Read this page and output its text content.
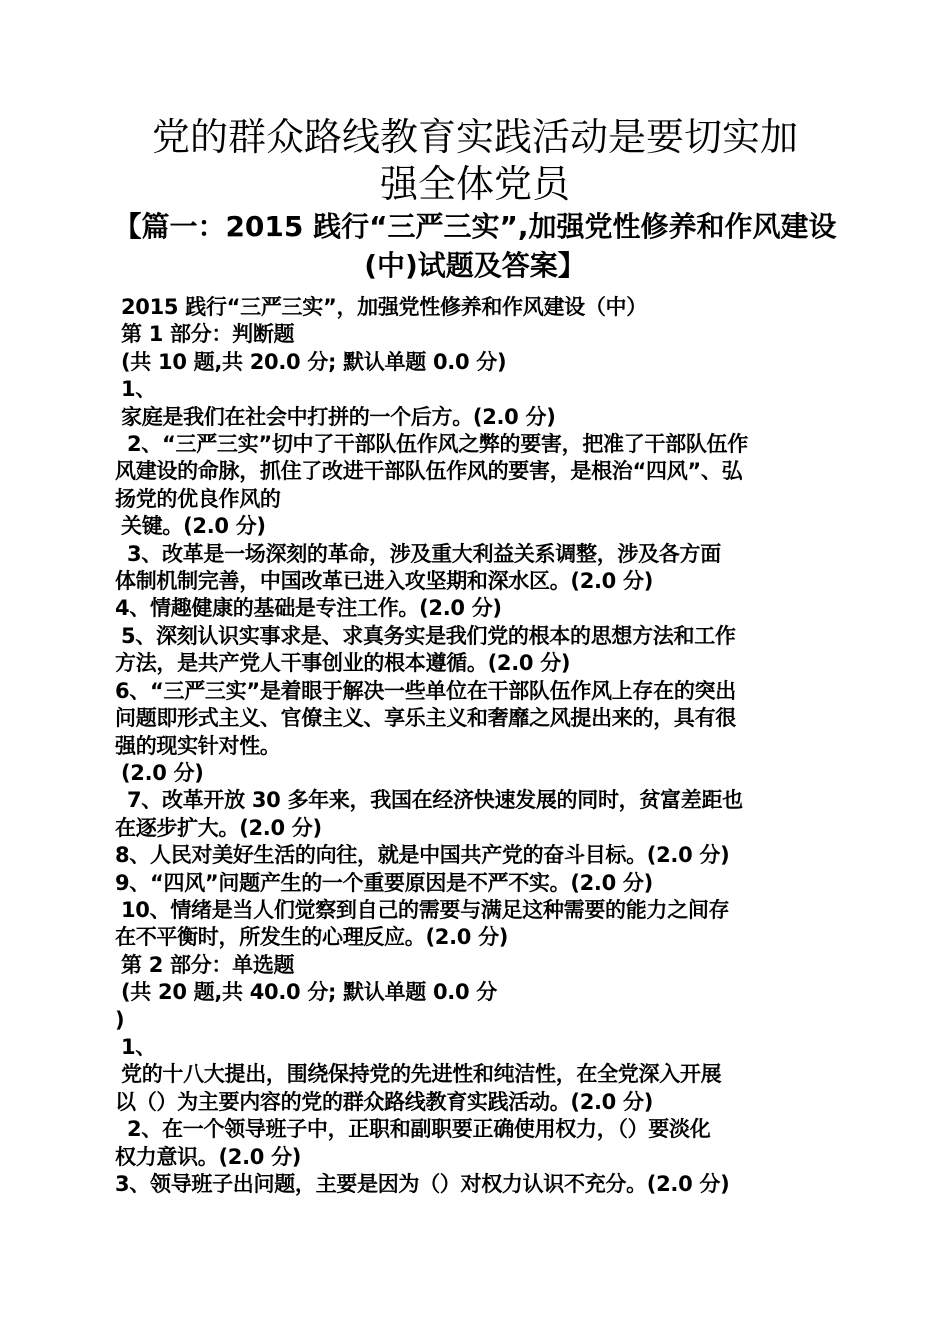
党的群众路线教育实践活动是要切实加
强全体党员
【篇一：2015 践行“三严三实”,加强党性修养和作风建设
(中)试题及答案】
2015 践行“三严三实”，加强党性修养和作风建设（中）
第 1 部分：判断题
(共 10 题,共 20.0 分; 默认单题 0.0 分)
1、
家庭是我们在社会中打拼的一个后方。(2.0 分)
2、“三严三实”切中了干部队伍作风之弊的要害，把准了干部队伍作
风建设的命脉，抓住了改进干部队伍作风的要害，是根治“四风”、弘
扬党的优良作风的
关键。(2.0 分)
3、改革是一场深刻的革命，涉及重大利益关系调整，涉及各方面
体制机制完善，中国改革已进入攻坚期和深水区。(2.0 分)
4、情趣健康的基础是专注工作。(2.0 分)
5、深刻认识实事求是、求真务实是我们党的根本的思想方法和工作
方法，是共产党人干事创业的根本遵循。(2.0 分)
6、“三严三实”是着眼于解决一些单位在干部队伍作风上存在的突出
问题即形式主义、官僚主义、享乐主义和奢靡之风提出来的，具有很
强的现实针对性。
(2.0 分)
7、改革开放 30 多年来，我国在经济快速发展的同时，贫富差距也
在逐步扩大。(2.0 分)
8、人民对美好生活的向往，就是中国共产党的奋斗目标。(2.0 分)
9、“四风”问题产生的一个重要原因是不严不实。(2.0 分)
10、情绪是当人们觉察到自己的需要与满足这种需要的能力之间存
在不平衡时，所发生的心理反应。(2.0 分)
第 2 部分：单选题
(共 20 题,共 40.0 分; 默认单题 0.0 分
)
1、
党的十八大提出，围绕保持党的先进性和纯洁性，在全党深入开展
以（）为主要内容的党的群众路线教育实践活动。(2.0 分)
2、在一个领导班子中，正职和副职要正确使用权力，（）要淡化
权力意识。(2.0 分)
3、领导班子出问题，主要是因为（）对权力认识不充分。(2.0 分)
